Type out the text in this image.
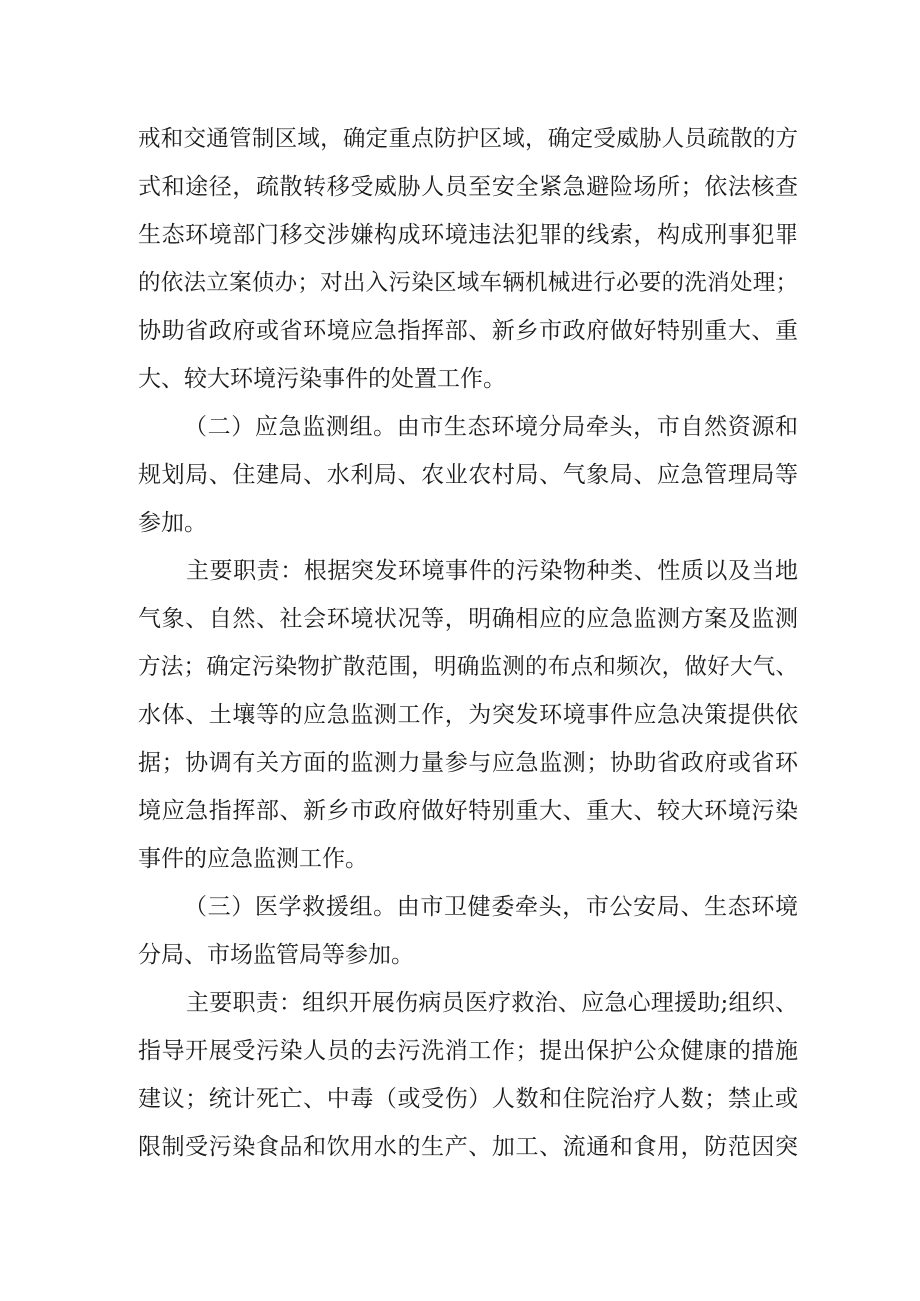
戒和交通管制区域，确定重点防护区域，确定受威胁人员疏散的方
式和途径，疏散转移受威胁人员至安全紧急避险场所；依法核查
生态环境部门移交涉嫌构成环境违法犯罪的线索，构成刑事犯罪
的依法立案侦办；对出入污染区域车辆机械进行必要的洗消处理；
协助省政府或省环境应急指挥部、新乡市政府做好特别重大、重
大、较大环境污染事件的处置工作。
（二）应急监测组。由市生态环境分局牵头，市自然资源和
规划局、住建局、水利局、农业农村局、气象局、应急管理局等
参加。
主要职责：根据突发环境事件的污染物种类、性质以及当地
气象、自然、社会环境状况等，明确相应的应急监测方案及监测
方法；确定污染物扩散范围，明确监测的布点和频次，做好大气、
水体、土壤等的应急监测工作，为突发环境事件应急决策提供依
据；协调有关方面的监测力量参与应急监测；协助省政府或省环
境应急指挥部、新乡市政府做好特别重大、重大、较大环境污染
事件的应急监测工作。
（三）医学救援组。由市卫健委牵头，市公安局、生态环境
分局、市场监管局等参加。
主要职责：组织开展伤病员医疗救治、应急心理援助;组织、
指导开展受污染人员的去污洗消工作；提出保护公众健康的措施
建议；统计死亡、中毒（或受伤）人数和住院治疗人数；禁止或
限制受污染食品和饮用水的生产、加工、流通和食用，防范因突
